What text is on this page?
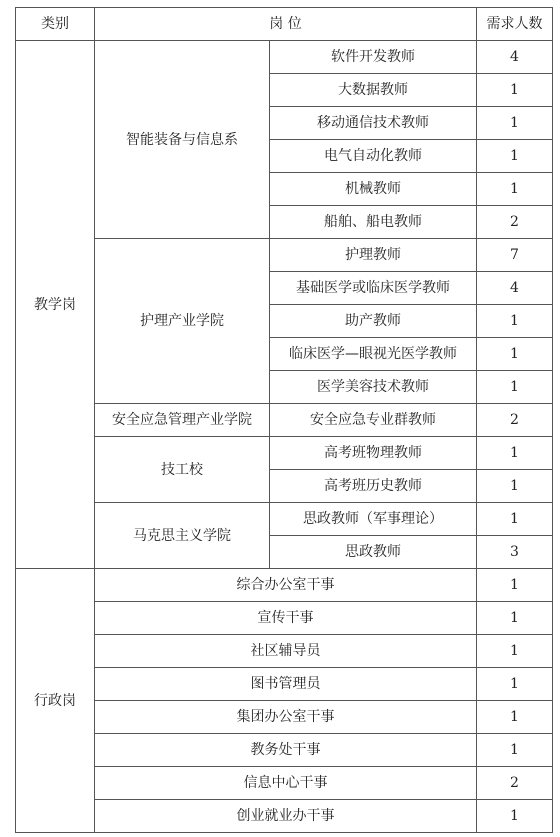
类别	岗 位		需求人数
教学岗	智能装备与信息系	软件开发教师	4
		大数据教师	1
		移动通信技术教师	1
		电气自动化教师	1
		机械教师	1
		船舶、船电教师	2
	护理产业学院	护理教师	7
		基础医学或临床医学教师	4
		助产教师	1
		临床医学—眼视光医学教师	1
		医学美容技术教师	1
	安全应急管理产业学院	安全应急专业群教师	2
	技工校	高考班物理教师	1
		高考班历史教师	1
	马克思主义学院	思政教师（军事理论）	1
		思政教师	3
行政岗	综合办公室干事		1
	宣传干事		1
	社区辅导员		1
	图书管理员		1
	集团办公室干事		1
	教务处干事		1
	信息中心干事		2
	创业就业办干事		1
